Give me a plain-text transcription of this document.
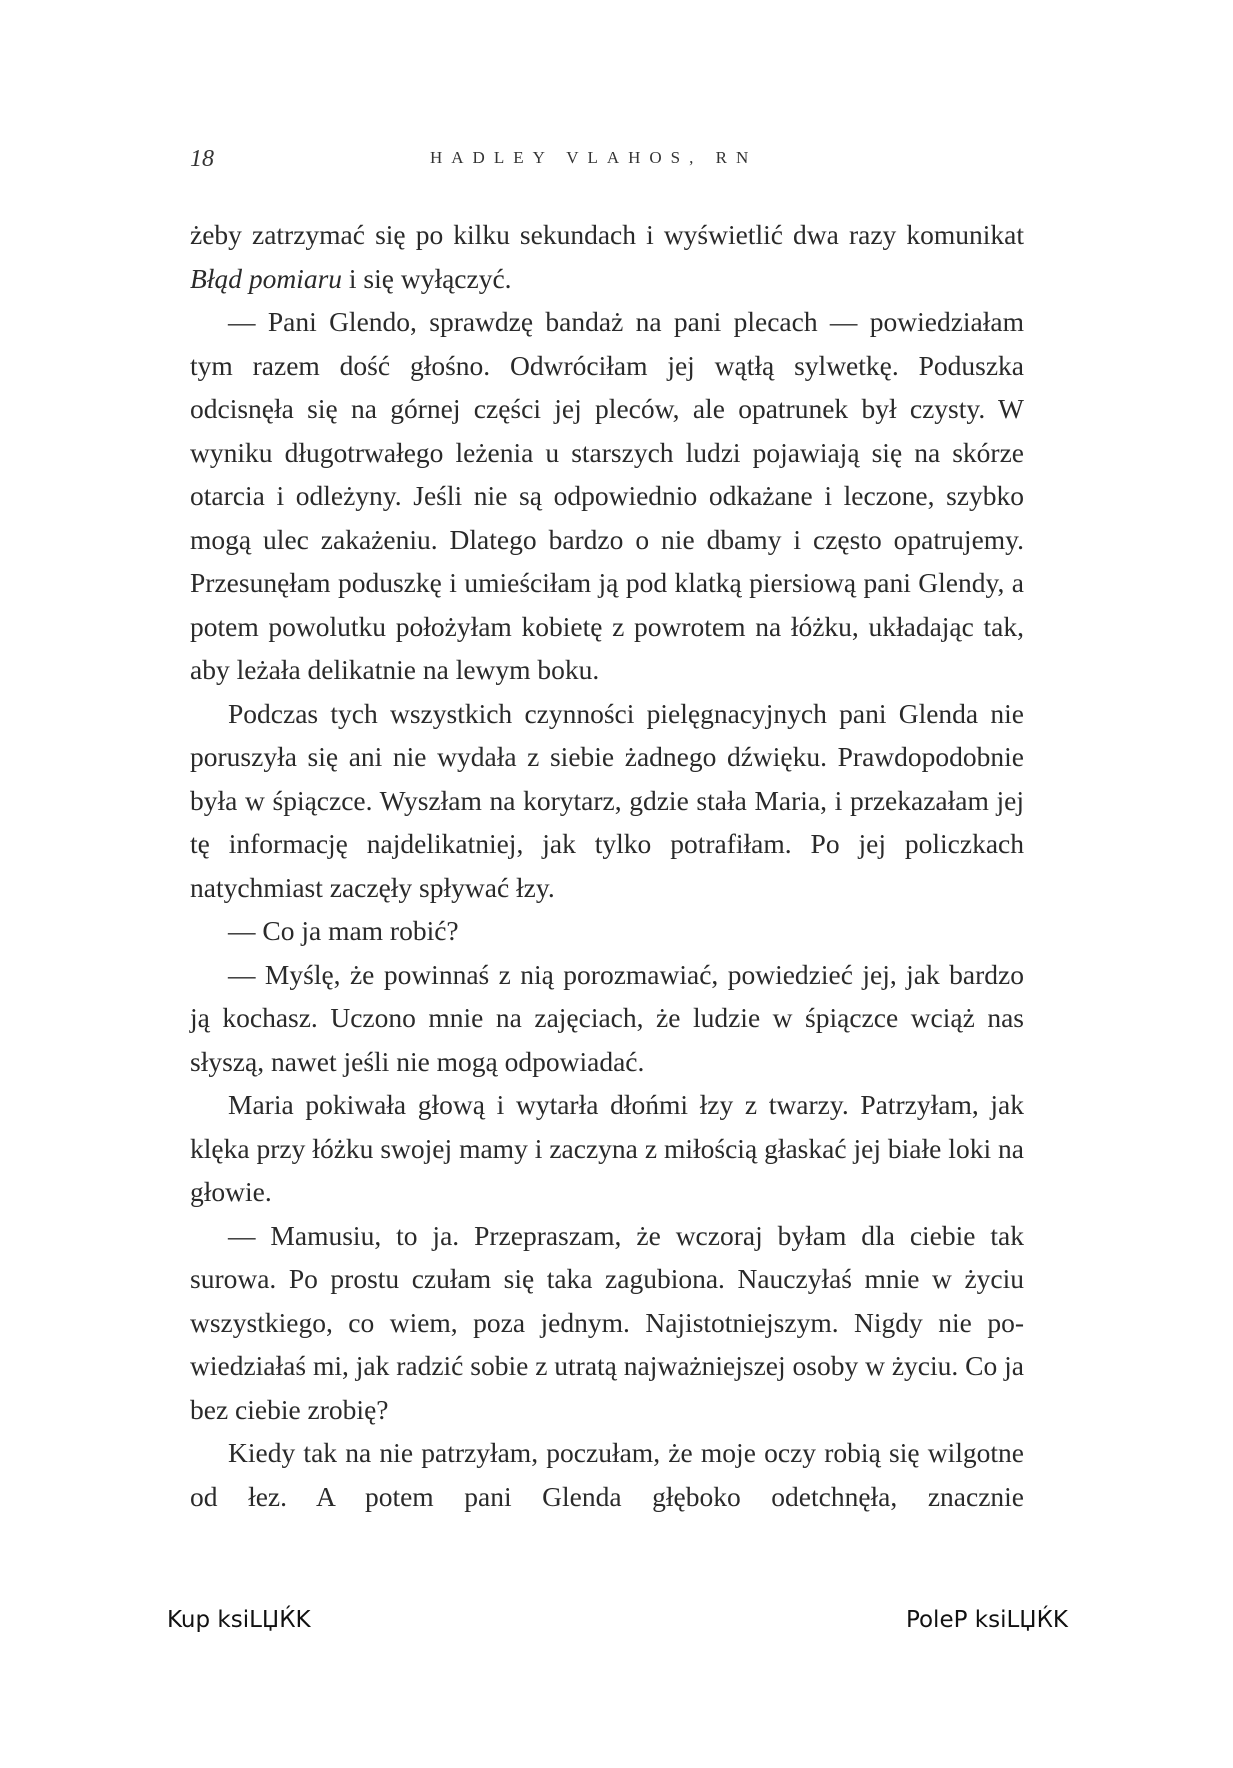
18	HADLEY VLAHOS, RN

żeby zatrzymać się po kilku sekundach i wyświetlić dwa razy komunikat Błąd pomiaru i się wyłączyć.

— Pani Glendo, sprawdzę bandaż na pani plecach — powiedziałam tym razem dość głośno. Odwróciłam jej wątłą sylwetkę. Poduszka odcisnęła się na górnej części jej pleców, ale opatrunek był czysty. W wyniku długotrwałego leżenia u starszych ludzi pojawiają się na skórze otarcia i odleżyny. Jeśli nie są odpowiednio odkażane i leczone, szybko mogą ulec zakażeniu. Dlatego bardzo o nie dbamy i często opatrujemy. Przesunęłam poduszkę i umieściłam ją pod klatką piersiową pani Glendy, a potem powolutku położyłam kobietę z powrotem na łóżku, układając tak, aby leżała delikatnie na lewym boku.

Podczas tych wszystkich czynności pielęgnacyjnych pani Glenda nie poruszyła się ani nie wydała z siebie żadnego dźwięku. Prawdopodobnie była w śpiączce. Wyszłam na korytarz, gdzie stała Maria, i przekazałam jej tę informację najdelikatniej, jak tylko potrafiłam. Po jej policzkach natychmiast zaczęły spływać łzy.

— Co ja mam robić?

— Myślę, że powinnaś z nią porozmawiać, powiedzieć jej, jak bardzo ją kochasz. Uczono mnie na zajęciach, że ludzie w śpiączce wciąż nas słyszą, nawet jeśli nie mogą odpowiadać.

Maria pokiwała głową i wytarła dłońmi łzy z twarzy. Patrzyłam, jak klęka przy łóżku swojej mamy i zaczyna z miłością głaskać jej białe loki na głowie.

— Mamusiu, to ja. Przepraszam, że wczoraj byłam dla ciebie tak surowa. Po prostu czułam się taka zagubiona. Nauczyłaś mnie w życiu wszystkiego, co wiem, poza jednym. Najistotniejszym. Nigdy nie powiedziałaś mi, jak radzić sobie z utratą najważniejszej osoby w życiu. Co ja bez ciebie zrobię?

Kiedy tak na nie patrzyłam, poczułam, że moje oczy robią się wilgotne od łez. A potem pani Glenda głęboko odetchnęła, znacznie

Kup ksiLЏЌK	PoleP ksiLЏЌK
